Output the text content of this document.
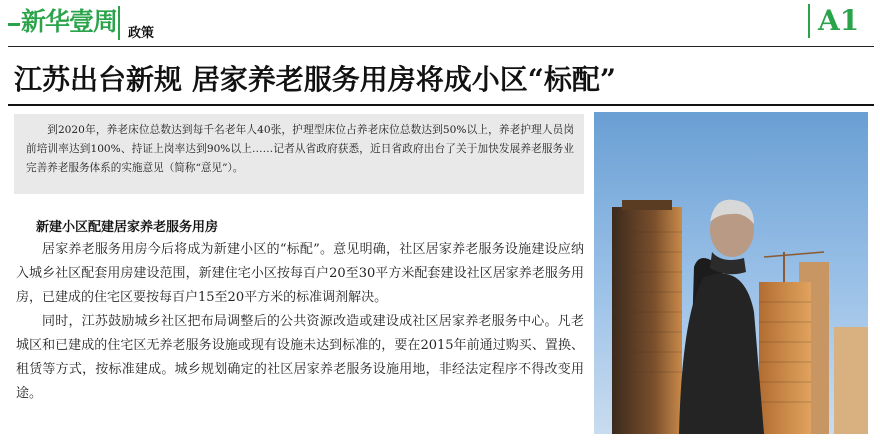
新华壹周 政策	A1
江苏出台新规 居家养老服务用房将成小区“标配”
到2020年，养老床位总数达到每千名老年人40张，护理型床位占养老床位总数达到50%以上，养老护理人员岗前培训率达到100%、持证上岗率达到90%以上……记者从省政府获悉，近日省政府出台了关于加快发展养老服务业完善养老服务体系的实施意见（简称“意见”）。
新建小区配建居家养老服务用房

居家养老服务用房今后将成为新建小区的“标配”。意见明确，社区居家养老服务设施建设应纳入城乡社区配套用房建设范围，新建住宅小区按每百户20至30平方米配套建设社区居家养老服务用房，已建成的住宅区要按每百户15至20平方米的标准调剂解决。

同时，江苏鼓励城乡社区把布局调整后的公共资源改造或建设成社区居家养老服务中心。凡老城区和已建成的住宅区无养老服务设施或现有设施未达到标准的，要在2015年前通过购买、置换、租赁等方式，按标准建成。城乡规划确定的社区居家养老服务设施用地，非经法定程序不得改变用途。
